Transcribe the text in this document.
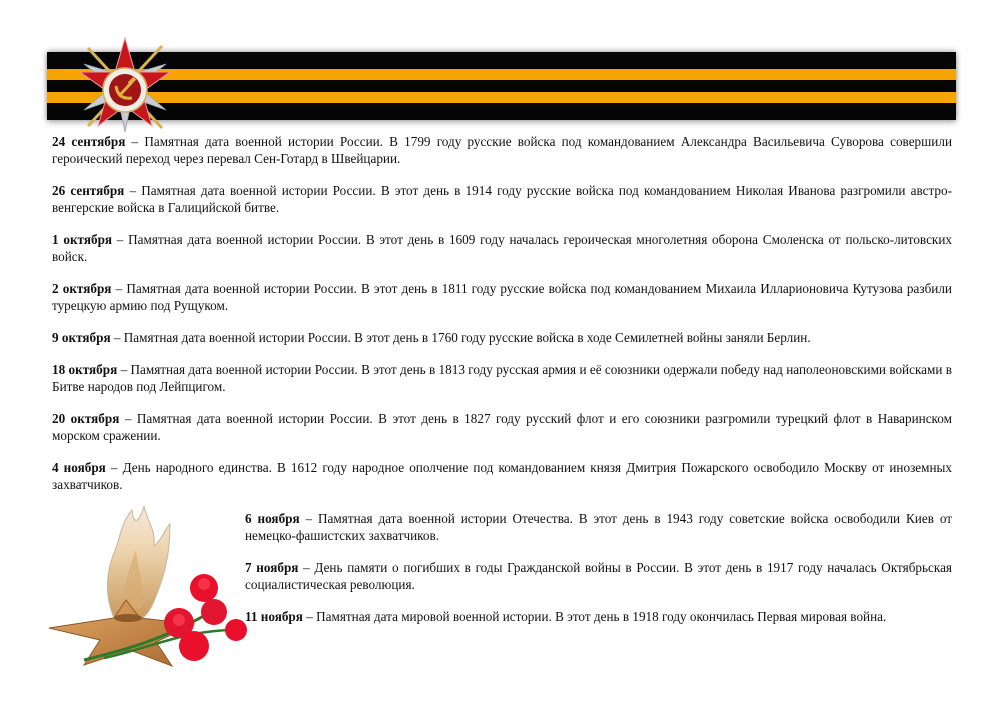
24 сентября – Памятная дата военной истории России. В 1799 году русские войска под командованием Александра Васильевича Суворова совершили героический переход через перевал Сен-Готард в Швейцарии.

26 сентября – Памятная дата военной истории России. В этот день в 1914 году русские войска под командованием Николая Иванова разгромили австро-венгерские войска в Галицийской битве.

1 октября – Памятная дата военной истории России. В этот день в 1609 году началась героическая многолетняя оборона Смоленска от польско-литовских войск.

2 октября – Памятная дата военной истории России. В этот день в 1811 году русские войска под командованием Михаила Илларионовича Кутузова разбили турецкую армию под Рущуком.

9 октября – Памятная дата военной истории России. В этот день в 1760 году русские войска в ходе Семилетней войны заняли Берлин.

18 октября – Памятная дата военной истории России. В этот день в 1813 году русская армия и её союзники одержали победу над наполеоновскими войсками в Битве народов под Лейпцигом.

20 октября – Памятная дата военной истории России. В этот день в 1827 году русский флот и его союзники разгромили турецкий флот в Наваринском морском сражении.

4 ноября – День народного единства. В 1612 году народное ополчение под командованием князя Дмитрия Пожарского освободило Москву от иноземных захватчиков.

6 ноября – Памятная дата военной истории Отечества. В этот день в 1943 году советские войска освободили Киев от немецко-фашистских захватчиков.

7 ноября – День памяти о погибших в годы Гражданской войны в России. В этот день в 1917 году началась Октябрьская социалистическая революция.

11 ноября – Памятная дата мировой военной истории. В этот день в 1918 году окончилась Первая мировая война.
